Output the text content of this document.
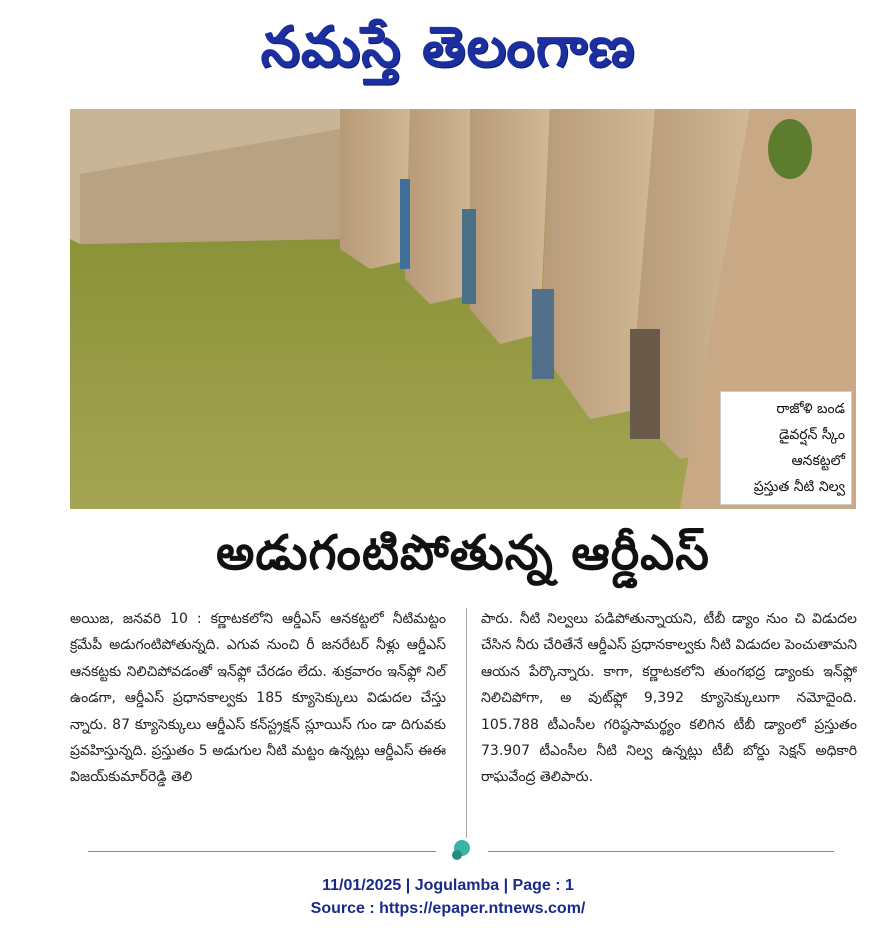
నమస్తే తెలంగాణ
రాజోళి బండ
డైవర్షన్ స్కీం
ఆనకట్టలో
ప్రస్తుత నీటి నిల్వ
అడుగంటిపోతున్న ఆర్డీఎస్
అయిజ, జనవరి 10 : కర్ణాటకలోని ఆర్డీఎస్ ఆనకట్టలో నీటిమట్టం క్రమేపీ అడుగంటిపోతున్నది. ఎగువ నుంచి రీ జనరేటర్ నీళ్లు ఆర్డీఎస్ ఆనకట్టకు నిలిచిపోవడంతో ఇన్‌ఫ్లో చేరడం లేదు. శుక్రవారం ఇన్‌ఫ్లో నిల్ ఉండగా, ఆర్డీఎస్ ప్రధానకాల్వకు 185 క్యూసెక్కులు విడుదల చేస్తు న్నారు. 87 క్యూసెక్కులు ఆర్డీఎస్ కన్‌స్ట్రక్షన్ స్లూయిస్ గుం డా దిగువకు ప్రవహిస్తున్నది. ప్రస్తుతం 5 అడుగుల నీటి మట్టం ఉన్నట్లు ఆర్డీఎస్ ఈఈ విజయ్‌కుమార్‌రెడ్డి తెలి
పారు. నీటి నిల్వలు పడిపోతున్నాయని, టీబీ డ్యాం నుం చి విడుదల చేసిన నీరు చేరితేనే ఆర్డీఎస్ ప్రధానకాల్వకు నీటి విడుదల పెంచుతామని ఆయన పేర్కొన్నారు. కాగా, కర్ణాటకలోని తుంగభద్ర డ్యాంకు ఇన్‌ఫ్లో నిలిచిపోగా, అ వుట్‌ఫ్లో 9,392 క్యూసెక్కులుగా నమోదైంది. 105.788 టీఎంసీల గరిష్ఠసామర్థ్యం కలిగిన టీబీ డ్యాంలో ప్రస్తుతం 73.907 టీఎంసీల నీటి నిల్వ ఉన్నట్లు టీబీ బోర్డు సెక్షన్ అధికారి రాఘవేంద్ర తెలిపారు.
11/01/2025 | Jogulamba | Page : 1
Source : https://epaper.ntnews.com/
